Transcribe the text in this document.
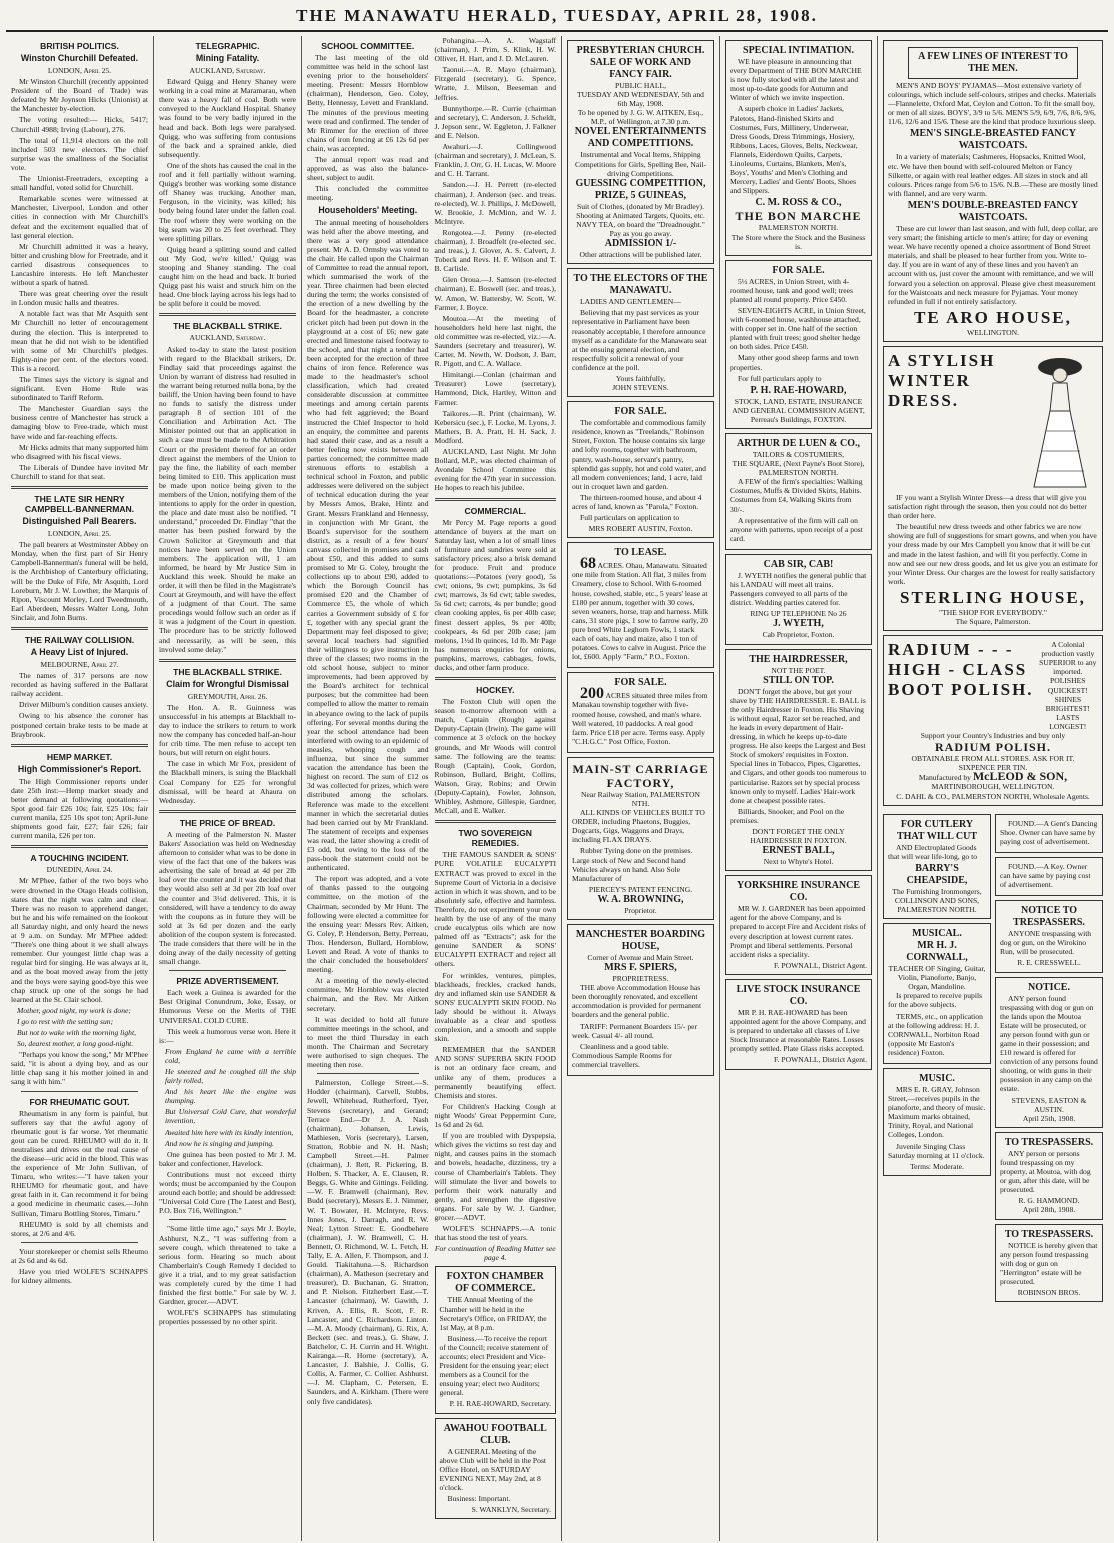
THE MANAWATU HERALD, TUESDAY, APRIL 28, 1908.
BRITISH POLITICS.
Winston Churchill Defeated.
LONDON, April 25.

Mr Winston Churchill (recently appointed President of the Board of Trade) was defeated by Mr Joynson Hicks (Unionist) at the Manchester by-election.

The voting resulted:— Hicks, 5417; Churchill 4988; Irving (Labour), 276.

The total of 11,914 electors on the roll included 503 new electors. The chief surprise was the smallness of the Socialist vote.

The Unionist-Freetraders, excepting a small handful, voted solid for Churchill.

Remarkable scenes were witnessed at Manchester, Liverpool, London and other cities in connection with Mr Churchill's defeat and the excitement equalled that of last general election.

Mr Churchill admitted it was a heavy, bitter and crushing blow for Freetrade, and it carried disastrous consequences to Lancashire interests. He left Manchester without a spark of hatred.

There was great cheering over the result in London music halls and theatres.

A notable fact was that Mr Asquith sent Mr Churchill no letter of encouragement during the election. This is interpreted to mean that he did not wish to be identified with some of Mr Churchill's pledges. Eighty-nine per cent. of the electors voted. This is a record.

The Times says the victory is signal and significant. Even Home Rule was subordinated to Tariff Reform.

The Manchester Guardian says the business centre of Manchester has struck a damaging blow to Free-trade, which must have wide and far-reaching effects.

Mr Hicks admits that many supported him who disagreed with his fiscal views.

The Liberals of Dundee have invited Mr Churchill to stand for that seat.

THE LATE SIR HENRY CAMPBELL-BANNERMAN.
Distinguished Pall Bearers.
LONDON, April 25.

The pall bearers at Westminster Abbey on Monday, when the first part of Sir Henry Campbell-Bannerman's funeral will be held, is the Archbishop of Canterbury officiating, will be the Duke of Fife, Mr Asquith, Lord Loreburn, Mr J. W. Lowther, the Marquis of Ripon, Viscount Morley, Lord Tweedmouth, Earl Aberdeen, Messrs Walter Long, John Sinclair, and John Burns.

THE RAILWAY COLLISION.
A Heavy List of Injured.
MELBOURNE, April 27.

The names of 317 persons are now recorded as having suffered in the Ballarat railway accident.

Driver Milburn's condition causes anxiety.

Owing to his absence the coroner has postponed certain brake tests to be made at Braybrook.

HEMP MARKET.
High Commissioner's Report.

The High Commissioner reports under date 25th inst:—Hemp market steady and better demand at following quotations:—Spot good fair £26 10s; fair, £25 10s; fair current manila, £25 10s spot ton; April-June shipments good fair, £27; fair £26; fair current manila, £26 per ton.

A TOUCHING INCIDENT.
DUNEDIN, April 24.

Mr M'Phee, father of the two boys who were drowned in the Otago Heads collision, states that the night was calm and clear. There was no reason to apprehend danger, but he and his wife remained on the lookout all Saturday night, and only heard the news at 9 a.m. on Sunday. Mr M'Phee added: "There's one thing about it we shall always remember. Our youngest little chap was a regular bird for singing. He was always at it, and as the boat moved away from the jetty and the boys were saying good-bye this wee chap struck up one of the songs he had learned at the St. Clair school.

Mother, good night, my work is done;

I go to rest with the setting sun;

But not to wake with the morning light,

So, dearest mother, a long good-night.

"Perhaps you know the song," Mr M'Phee said, "it is about a dying boy, and as our little chap sang it his mother joined in and sang it with him."

FOR RHEUMATIC GOUT.

Rheumatism in any form is painful, but sufferers say that the awful agony of rheumatic gout is far worse. Yet rheumatic gout can be cured. RHEUMO will do it. It neutralises and drives out the real cause of the disease—uric acid in the blood. This was the experience of Mr John Sullivan, of Timaru, who writes:—"I have taken your RHEUMO for rheumatic gout, and have great faith in it. Can recommend it for being a good medicine in rheumatic cases.—John Sullivan, Timaru Bottling Stores, Timaru."

RHEUMO is sold by all chemists and stores, at 2/6 and 4/6.

Your storekeeper or chemist sells Rheumo at 2s 6d and 4s 6d.

Have you tried WOLFE'S SCHNAPPS for kidney ailments.

TELEGRAPHIC.
Mining Fatality.
AUCKLAND, Saturday.

Edward Quigg and Henry Shaney were working in a coal mine at Maramarau, when there was a heavy fall of coal. Both were conveyed to the Auckland Hospital. Shaney was found to be very badly injured in the head and back. Both legs were paralysed. Quigg, who was suffering from contusions of the back and a sprained ankle, died subsequently.

One of the shots has caused the coal in the roof and it fell partially without warning. Quigg's brother was working some distance off Shaney was trucking. Another man, Ferguson, in the vicinity, was killed; his body being found later under the fallen coal. The roof where they were working on the big seam was 20 to 25 feet overhead. They were splitting pillars.

Quigg heard a splitting sound and called out 'My God, we're killed.' Quigg was stooping and Shaney standing. The coal caught him on the head and back. It buried Quigg past his waist and struck him on the head. One block laying across his legs had to be split before it could be moved.

THE BLACKBALL STRIKE.
AUCKLAND, Saturday.

Asked to-day to state the latest position with regard to the Blackball strikers, Dr. Findlay said that proceedings against the Union by warrant of distress had resulted in the warrant being returned nulla bona, by the bailiff, the Union having been found to have no funds to satisfy the distress under paragraph 8 of section 101 of the Conciliation and Arbitration Act. The Minister pointed out that an application in such a case must be made to the Arbitration Court or the president thereof for an order direct against the members of the Union to pay the fine, the liability of each member being limited to £10. This application must be made upon notice being given to the members of the Union, notifying them of the intentions to apply for the order in question, the place and date must also be notified. "I understand," proceeded Dr. Findlay "that the matter has been pushed forward by the Crown Solicitor at Greymouth and that notices have been served on the Union members. The application will, I am informed, be heard by Mr Justice Sim in Auckland this week. Should he make an order, it will then be filed in the Magistrate's Court at Greymouth, and will have the effect of a judgment of that Court. The same procedings would follow such an order as if it was a judgment of the Court in question. The procedure has to be strictly followed and necessarily, as will be seen, this involved some delay."

THE BLACKBALL STRIKE.
Claim for Wrongful Dismissal
GREYMOUTH, April 26.

The Hon. A. R. Guinness was unsuccessful in his attempts at Blackball to-day to induce the strikers to return to work now the company has conceded half-an-hour for crib time. The men refuse to accept ten hours, but will return on eight hours.

The case in which Mr Fox, president of the Blackball miners, is suing the Blackball Coal Company for £25 for wrongful dismissal, will be heard at Ahaura on Wednesday.

THE PRICE OF BREAD.

A meeting of the Palmerston N. Master Bakers' Association was held on Wednesday afternoon to consider what was to be done in view of the fact that one of the bakers was advertising the sale of bread at 4d per 2lb loaf over the counter and it was decided that they would also sell at 3d per 2lb loaf over the counter and 3½d delivered. This, it is considered, will have a tendency to do away with the coupons as in future they will be sold at 3s 6d per dozen and the early abolition of the coupon system is forecasted. The trade considers that there will be in the doing away of the daily necessity of getting small change.

PRIZE ADVERTISEMENT.

Each week a Guinea is awarded for the Best Original Conundrum, Joke, Essay, or Humorous Verse on the Merits of THE UNIVERSAL COLD CURE.

This week a humorous verse won. Here it is:—

From England he came with a terrible cold,

He sneezed and he coughed till the ship fairly rolled,

And his heart like the engine was thumping.

But Universal Cold Cure, that wonderful invention,

Awaited him here with its kindly intention,

And now he is singing and jumping.

One guinea has been posted to Mr J. M. baker and confectioner, Havelock.

Contributions must not exceed thirty words; must be accompanied by the Coupon around each bottle; and should be addressed: "Universal Cold Cure (The Latest and Best), P.O. Box 716, Wellington."

"Some little time ago," says Mr J. Boyle, Ashhurst, N.Z., "I was suffering from a severe cough, which threatened to take a serious form. Hearing so much about Chamberlain's Cough Remedy I decided to give it a trial, and to my great satisfaction was completely cured by the time I had finished the first bottle." For sale by W. J. Gardner, grocer.—ADVT.

WOLFE'S SCHNAPPS has stimulating properties possessed by no other spirit.

SCHOOL COMMITTEE.

The last meeting of the old committee was held in the school last evening prior to the householders' meeting. Present: Messrs Hornblow (chairman), Henderson, Geo. Coley, Betty, Hennessy, Levett and Frankland. The minutes of the previous meeting were read and confirmed. The tender of Mr Rimmer for the erection of three chains of iron fencing at £6 12s 6d per chain, was accepted.

The annual report was read and approved, as was also the balance-sheet, subject to audit.

This concluded the committee meeting.

Householders' Meeting.

The annual meeting of householders was held after the above meeting, and there was a very good attendance present. Mr A. D. Ormsby was voted to the chair. He called upon the Chairman of Committee to read the annual report, which summarised the work of the year. Three chairmen had been elected during the term; the works consisted of the erection of a new dwelling by the Board for the headmaster, a concrete cricket pitch had been put down in the playground at a cost of £6; new gate erected and limestone raised footway to the school, and that night a tender had been accepted for the erection of three chains of iron fence. Reference was made to the headmaster's school classification, which had created considerable discussion at committee meetings and among certain parents who had felt aggrieved; the Board instructed the Chief Inspector to hold an enquiry, the committee and parents had stated their case, and as a result a better feeling now exists between all parties concerned; the committee made strenuous efforts to establish a technical school in Foxton, and public addresses were delivered on the subject of technical education during the year by Messrs Amos, Brake, Hintz and Grant. Messrs Frankland and Hennessy, in conjunction with Mr Grant, the Board's supervisor for the southern district, as a result of a few hours' canvass collected in promises and cash about £50, and this added to sums promised to Mr G. Coley, brought the collections up to about £90, added to which the Borough Council has promised £20 and the Chamber of Commerce £5, the whole of which carries a Government subsidy of £ for £, together with any special grant the Department may feel disposed to give; several local teachers had signified their willingness to give instruction in three of the classes; two rooms in the old school house, subject to minor improvements, had been approved by the Board's architect for technical purposes; but the committee had been compelled to allow the matter to remain in abeyance owing to the lack of pupils offering. For several months during the year the school attendance had been interfered with owing to an epidemic of measles, whooping cough and influenza, but since the summer vacation the attendance has been the highest on record. The sum of £12 os 3d was collected for prizes, which were distributed among the scholars. Reference was made to the excellent manner in which the secretarial duties had been carried out by Mr Frankland. The statement of receipts and expenses was read, the latter showing a credit of £3 odd, but owing to the loss of the pass-book the statement could not be authenticated.

The report was adopted, and a vote of thanks passed to the outgoing committee, on the motion of the Chairman, seconded by Mr Hunt. The following were elected a committee for the ensuing year: Messrs Rev. Aitken, G. Coley, P. Henderson, Betty, Perreau, Thos. Henderson, Bullard, Hornblow, Levett and Read. A vote of thanks to the chair concluded the householders' meeting.

At a meeting of the newly-elected committee, Mr Hornblow was elected chairman, and the Rev. Mr Aitken secretary.

It was decided to hold all future committee meetings in the school, and to meet the third Thursday in each month. The Chairman and Secretary were authorised to sign cheques. The meeting then rose.

Palmerston, College Street.—S. Hodder (chairman), Carvell, Stubbs, Jewell, Whitehead, Rutherford, Tyer, Stevens (secretary), and Gerand; Terrace End.—Dr J. A. Nash (chairman), Johansen, Lewis, Mathiesen, Voris (secretary), Larsen, Stratton, Robbie and N. H. Nash; Campbell Street.—H. Palmer (chairman), J. Rett, R. Pickering, B. Holben, S. Thacker, A. E. Clausen, R. Beggs, G. White and Gittings. Feilding.—W. F. Bramwell (chairman), Rev. Budd (secretary), Messrs E. J. Nimmer, W. T. Bowater, H. McIntyre, Revs. Innes Jones, J. Darragh, and R. W. Neal; Lytton Street: E. Goodbehere (chairman), J. W. Bramwell, C. H. Bennett, O. Richmond, W. L. Fetch, H. Tally, E. A. Allen, F. Thompson, and J. Gould. Tiakitahuna.—S. Richardson (chairman), A. Matheson (secretary and treasurer), D. Buchanan, G. Stratton, and P. Nielson. Fitzherbert East.—T. Lancaster (chairman), W. Gawith, J. Kriven, A. Ellis, R. Scott, F. R. Lancaster, and C. Richardson. Linton.—M. A. Moody (chairman), G. Rix, A. Beckett (sec. and treas.), G. Shaw, J. Batchelor, C. H. Currin and H. Wright. Kairanga.—R. Horne (secretary), A. Lancaster, J. Balshie, J. Collis, G. Collis, A. Farmer, C. Collier. Ashhurst.—J. M. Clapham, C. Petersen, E. Saunders, and A. Kirkham. (There were only five candidates).

Pohangina.—A. A. Wagstaff (chairman), J. Prim, S. Klink, H. W. Olliver, H. Hart, and J. D. McLauren.

Taonui.—A. R. Mayo (chairman), Fitzgerald (secretary), G. Spence, Wratte, J. Milson, Beeseman and Jeffries.

Bunnythorpe.—R. Currie (chairman and secretary), C. Anderson, J. Scheldt, J. Jepson senr., W. Eggleton, J. Falkner and E. Nelson.

Awahuri.—J. Collingwood (chairman and secretary), J. McLean, S. Franklin, J. Orr, G. H. Lucas, W. Moore and C. H. Tarrant.

Sandon.—J. H. Perrett (re-elected chairman), J. Anderson (sec. and treas. re-elected), W. J. Phillips, J. McDowell, W. Brookie, J. McMinn, and W. J. McIntyre.

Rongotea.—J. Penny (re-elected chairman), J. Broadfelt (re-elected sec. and treas.), J. Glover, A. S. Calvert, J. Tobeck and Revs. H. F. Wilson and T. B. Carlisle.

Glen Oroua.—J. Samson (re-elected chairman), E. Boswell (sec. and treas.), W. Amon, W. Battersby, W. Scott, W. Farmer, J. Boyce.

Moutoa.—At the meeting of householders held here last night, the old committee was re-elected, viz.:—A. Saunders (secretary and treasurer), W. Carter, M. Newth, W. Dodson, J. Barr, R. Pigott, and C. A. Wallace.

Himitangi.—Conlan (chairman and Treasurer) Lowe (secretary), Hammond, Dick, Hartley, Witton and Farmer.

Taikores.—R. Print (chairman), W. Kebersicu (sec.), F. Locke, M. Lyons, J. Mathers, B. A. Pratt, H. H. Sack, J. Modford.

AUCKLAND, Last Night. Mr John Bollard, M.P., was elected chairman of Avondale School Committee this evening for the 47th year in succession. He hopes to reach his jubilee.

COMMERCIAL.

Mr Percy M. Page reports a good attendance of buyers at the mart on Saturday last, when a lot of small lines of furniture and sundries were sold at satisfactory prices; also a brisk demand for produce. Fruit and produce quotations:—Potatoes (very good), 5s cwt; onions, 9s cwt; pumpkins, 3s 6d cwt; marrows, 3s 6d cwt; table swedes, 5s 6d cwt; carrots, 4s per bundle; good clean cooking apples, 6s per 40lb case; finest dessert apples, 9s per 40lb; cookpears, 4s 6d per 20lb case; jam melons, 1½d lb quinces, 1d lb. Mr Page has numerous enquiries for onions, pumpkins, marrows, cabbages, fowls, ducks, and other farm produce.

HOCKEY.

The Foxton Club will open the season to-morrow afternoon with a match, Captain (Rough) against Deputy-Captain (Irwin). The game will commence at 3 o'clock on the hockey grounds, and Mr Woods will control same. The following are the teams: Rough (Captain), Cook, Gordon, Robinson, Bullard, Bright, Collins, Watson, Gray, Robins; and Orwin (Deputy-Captain), Fowler, Johnson, Whibley, Ashmore, Gillespie, Gardner, McCall, and E. Walker.

TWO SOVEREIGN REMEDIES.

THE FAMOUS SANDER & SONS' PURE VOLATILE EUCALYPTI EXTRACT was proved to excel in the Supreme Court of Victoria in a decisive action in which it was shown, and to be absolutely safe, effective and harmless. Therefore, do not experiment your own health by the use of any of the many crude eucalyptus oils which are now palmed off as "Extracts"; ask for the genuine SANDER & SONS' EUCALYPTI EXTRACT and reject all others.

For wrinkles, ventures, pimples, blackheads, freckles, cracked hands, dry and inflamed skin use SANDER & SONS' EUCALYPTI SKIN FOOD. No lady should be without it. Always invaluable as a clear and spotless complexion, and a smooth and supple skin.

REMEMBER that the SANDER AND SONS' SUPERBA SKIN FOOD is not an ordinary face cream, and unlike any of them, produces a permanently beautifying effect. Chemists and stores.

For Children's Hacking Cough at night Woods' Great Peppermint Cure, 1s 6d and 2s 6d.

If you are troubled with Dyspepsia, which gives the victims so rest day and night, and causes pains in the stomach and bowels, headache, dizziness, try a course of Chamberlain's Tablets. They will stimulate the liver and bowels to perform their work naturally and gently, and strengthen the digestive organs. For sale by W. J. Gardner, grocer.—ADVT.

WOLFE'S SCHNAPPS.—A tonic that has stood the test of years.

For continuation of Reading Matter see page 4.

FOXTON CHAMBER OF COMMERCE.

THE Annual Meeting of the Chamber will be held in the Secretary's Office, on FRIDAY, the 1st May, at 8 p.m.

Business.—To receive the report of the Council; receive statement of accounts; elect President and Vice-President for the ensuing year; elect members as a Council for the ensuing year; elect two Auditors; general.

P. H. RAE-HOWARD, Secretary.
AWAHOU FOOTBALL CLUB.

A GENERAL Meeting of the above Club will be held in the Post Office Hotel, on SATURDAY EVENING NEXT, May 2nd, at 8 o'clock.

Business: Important.

S. WANKLYN, Secretary.
PRESBYTERIAN CHURCH.
SALE OF WORK AND FANCY FAIR.
PUBLIC HALL,
TUESDAY AND WEDNESDAY, 5th and 6th May, 1908.
To be opened by J. G. W. AITKEN, Esq., M.P., of Wellington, at 7.30 p.m.
NOVEL ENTERTAINMENTS AND COMPETITIONS.
Instrumental and Vocal Items, Shipping Competitions for Girls, Spelling Bee, Nail-driving Competitions.
GUESSING COMPETITION, PRIZE, 5 GUINEAS,
Suit of Clothes, (donated by Mr Bradley).
Shooting at Animated Targets, Quoits, etc.
NAVY TEA, on board the "Dreadnought." Pay as you go away.
ADMISSION 1/-
Other attractions will be published later.
TO THE ELECTORS OF THE MANAWATU.

LADIES AND GENTLEMEN—

Believing that my past services as your representative in Parliament have been reasonably acceptable, I therefore announce myself as a candidate for the Manawatu seat at the ensuing general election, and respectfully solicit a renewal of your confidence at the poll.

Yours faithfully,
JOHN STEVENS.
FOR SALE.

The comfortable and commodious family residence, known as "Treelands," Robinson Street, Foxton. The house contains six large and lofty rooms, together with bathroom, pantry, wash-house, servant's pantry, splendid gas supply, hot and cold water, and all modern conveniences; land, 1 acre, laid out in croquet lawn and garden.

The thirteen-roomed house, and about 4 acres of land, known as "Parola," Foxton.

Full particulars on application to

MRS ROBERT AUSTIN, Foxton.
TO LEASE.

68 ACRES. Ohau, Manawatu. Situated one mile from Station. All flat, 3 miles from Creamery, close to School. With 6-roomed house, cowshed, stable, etc., 5 years' lease at £180 per annum, together with 30 cows, seven weaners, horse, trap and harness. Milk cans, 31 store pigs, 1 sow to farrow early, 20 pure bred White Leghorn Fowls, 1 stack each of oats, hay and maize, also 1 ton of potatoes. Cows to calve in August. Price the lot, £600. Apply "Farm," P.O., Foxton.

FOR SALE.

200 ACRES situated three miles from Manakau township together with five-roomed house, cowshed, and man's whare. Well watered, 10 paddocks. A real good farm. Price £18 per acre. Terms easy. Apply "C.H.G.C." Post Office, Foxton.

MAIN-ST CARRIAGE FACTORY,
Near Railway Station, PALMERSTON NTH.

ALL KINDS OF VEHICLES BUILT TO ORDER, including Phaetons, Buggies, Dogcarts, Gigs, Waggons and Drays, including FLAX DRAYS.

Rubber Tyring done on the premises. Large stock of New and Second hand Vehicles always on hand. Also Sole Manufacturer of

PIERCEY'S PATENT FENCING.
W. A. BROWNING,
Proprietor.
MANCHESTER BOARDING HOUSE,
Corner of Avenue and Main Street.
MRS F. SPIERS,
PROPRIETRESS.

THE above Accommodation House has been thoroughly renovated, and excellent accommodation is provided for permanent boarders and the general public.

TARIFF: Permanent Boarders 15/- per week. Casual 4/- all round.

Cleanliness and a good table. Commodious Sample Rooms for commercial travellers.

SPECIAL INTIMATION.

WE have pleasure in announcing that every Department of THE BON MARCHE is now fully stocked with all the latest and most up-to-date goods for Autumn and Winter of which we invite inspection.

A superb choice in Ladies' Jackets, Paletots, Hand-finished Skirts and Costumes, Furs, Millinery, Underwear, Dress Goods, Dress Trimmings, Hosiery, Ribbons, Laces, Gloves, Belts, Neckwear, Flannels, Eiderdown Quilts, Carpets, Linoleums, Curtains, Blankets, Men's, Boys', Youths' and Men's Clothing and Mercery, Ladies' and Gents' Boots, Shoes and Slippers.

C. M. ROSS & CO.,
THE BON MARCHE
PALMERSTON NORTH.
The Store where the Stock and the Business is.
FOR SALE.

5½ ACRES, in Union Street, with 4-roomed house, tank and good well; trees planted all round property. Price £450.

SEVEN-EIGHTS ACRE, in Union Street, with 6-roomed house, washhouse attached, with copper set in. One half of the section planted with fruit trees; good shelter hedge on both sides. Price £450.

Many other good sheep farms and town properties.

For full particulars apply to

P. H. RAE-HOWARD,
STOCK, LAND, ESTATE, INSURANCE AND GENERAL COMMISSION AGENT,
Perreau's Buildings, FOXTON.
ARTHUR DE LUEN & CO.,
TAILORS & COSTUMIERS,
THE SQUARE, (Next Payne's Boot Store), PALMERSTON NORTH.

A FEW of the firm's specialties: Walking Costumes, Muffs & Divided Skirts, Habits. Costumes from £4, Walking Skirts from 30/-.

A representative of the firm will call on anyone with patterns, upon receipt of a post card.

CAB SIR, CAB!

J. WYETH notifies the general public that his LANDAU will meet all trains. Passengers conveyed to all parts of the district. Wedding parties catered for.

RING UP TELEPHONE No 26
J. WYETH,
Cab Proprietor, Foxton.
THE HAIRDRESSER,
NOT THE POET.
STILL ON TOP.

DON'T forget the above, but get your shave by THE HAIRDRESSER. E. BALL is the only Hairdresser in Foxton. His Shaving is without equal, Razor set be reached, and he leads in every department of Hair-dressing, in which he keeps up-to-date progress. He also keeps the Largest and Best Stock of smokers' requisites in Foxton. Special lines in Tobacco, Pipes, Cigarettes, and Cigars, and other goods too numerous to particularise. Razors set by special process known only to myself. Ladies' Hair-work done at cheapest possible rates.

Billiards, Snooker, and Pool on the premises.

DON'T FORGET THE ONLY HAIRDRESSER IN FOXTON.
ERNEST BALL,
Next to Whyte's Hotel.
YORKSHIRE INSURANCE CO.

MR W. J. GARDNER has been appointed agent for the above Company, and is prepared to accept Fire and Accident risks of every description at lowest current rates. Prompt and liberal settlements. Personal accident risks a speciality.

F. POWNALL, District Agent.
LIVE STOCK INSURANCE CO.

MR P. H. RAE-HOWARD has been appointed agent for the above Company, and is prepared to undertake all classes of Live Stock Insurance at reasonable Rates. Losses promptly settled. Plate Glass risks accepted.

F. POWNALL, District Agent.
A FEW LINES OF INTEREST TO THE MEN.

MEN'S AND BOYS' PYJAMAS—Most extensive variety of colourings, which include self-colours, stripes and checks. Materials—Flannelette, Oxford Mat, Ceylon and Cotton. To fit the small boy, or men of all sizes. BOYS', 3/9 to 5/6. MEN'S 5/9, 6/9, 7/6, 8/6, 9/6, 11/6, 12/6 and 15/6. These are the kind that produce luxurious sleep.

MEN'S SINGLE-BREASTED FANCY WAISTCOATS.

In a variety of materials; Cashmeres, Hopsacks, Knitted Wool, etc. We have then bound with self-coloured Melton or Fancy Silkette, or again with real leather edges. All sizes in stock and all colours. Prices range from 5/6 to 15/6. N.B.—These are mostly lined with flannel, and are very warm.

MEN'S DOUBLE-BREASTED FANCY WAISTCOATS.

These are cut lower than last season, and with full, deep collar, are very smart; the finishing article to men's attire; for day or evening wear. We have recently opened a choice assortment of Bond Street materials, and shall be pleased to hear further from you. Write to-day. If you are in want of any of these lines and you haven't an account with us, just cover the amount with remittance, and we will forward you a selection on approval. Please give chest measurement for the Waistcoats and neck measure for Pyjamas. Your money refunded in full if not entirely satisfactory.

TE ARO HOUSE,
WELLINGTON.
A STYLISH
WINTER
DRESS.

IF you want a Stylish Winter Dress—a dress that will give you satisfaction right through the season, then you could not do better than order here.

The beautiful new dress tweeds and other fabrics we are now showing are full of suggestions for smart gowns, and when you have your dress made by our Mrs Campbell you know that it will be cut and made in the latest fashion, and will fit you perfectly. Come in now and see our new dress goods, and let us give you an estimate for your Winter Dress. Our charges are the lowest for really satisfactory work.

STERLING HOUSE,
"THE SHOP FOR EVERYBODY."
The Square, Palmerston.
RADIUM - - -
HIGH - CLASS
BOOT POLISH.
A Colonial production vastly SUPERIOR to any imported.
POLISHES QUICKEST! SHINES BRIGHTEST! LASTS LONGEST!
Support your Country's Industries and buy only
RADIUM POLISH.
OBTAINABLE FROM ALL STORES. ASK FOR IT.
SIXPENCE PER TIN.
Manufactured by McLEOD & SON, MARTINBOROUGH, WELLINGTON.
C. DAHL & CO., PALMERSTON NORTH, Wholesale Agents.
FOR CUTLERY THAT WILL CUT

AND Electroplated Goods that will wear life-long, go to

BARRY'S CHEAPSIDE,
The Furnishing Ironmongers, COLLINSON AND SONS, PALMERSTON NORTH.
MUSICAL.
MR H. J. CORNWALL,
TEACHER OF Singing, Guitar, Violin, Pianoforte, Banjo, Organ, Mandoline.

Is prepared to receive pupils for the above subjects.

TERMS, etc., on application at the following address: H. J. CORNWALL, Norbiton Road (opposite Mr Easton's residence) Foxton.

MUSIC.

MRS E. R. GRAY, Johnson Street,—receives pupils in the pianoforte, and theory of music. Maximum marks obtained, Trinity, Royal, and National Colleges, London.

Juvenile Singing Class Saturday morning at 11 o'clock.

Terms: Moderate.

FOUND.—A Gent's Dancing Shoe. Owner can have same by paying cost of advertisement.

FOUND.—A Key. Owner can have same by paying cost of advertisement.

NOTICE TO TRESPASSERS.

ANYONE trespassing with dog or gun, on the Wirokino Run, will be prosecuted.

R. E. CRESSWELL.
NOTICE.

ANY person found trespassing with dog or gun on the lands upon the Moutoa Estate will be prosecuted, or any person found with gun or game in their possession; and £10 reward is offered for conviction of any persons found shooting, or with guns in their possession in any camp on the estate.

STEVENS, EASTON & AUSTIN.
April 25th, 1908.
TO TRESPASSERS.

ANY person or persons found trespassing on my property, at Moutoa, with dog or gun, after this date, will be prosecuted.

R. G. HAMMOND.
April 28th, 1908.
TO TRESPASSERS.

NOTICE is hereby given that any person found trespassing with dog or gun on "Herrington" estate will be prosecuted.

ROBINSON BROS.
